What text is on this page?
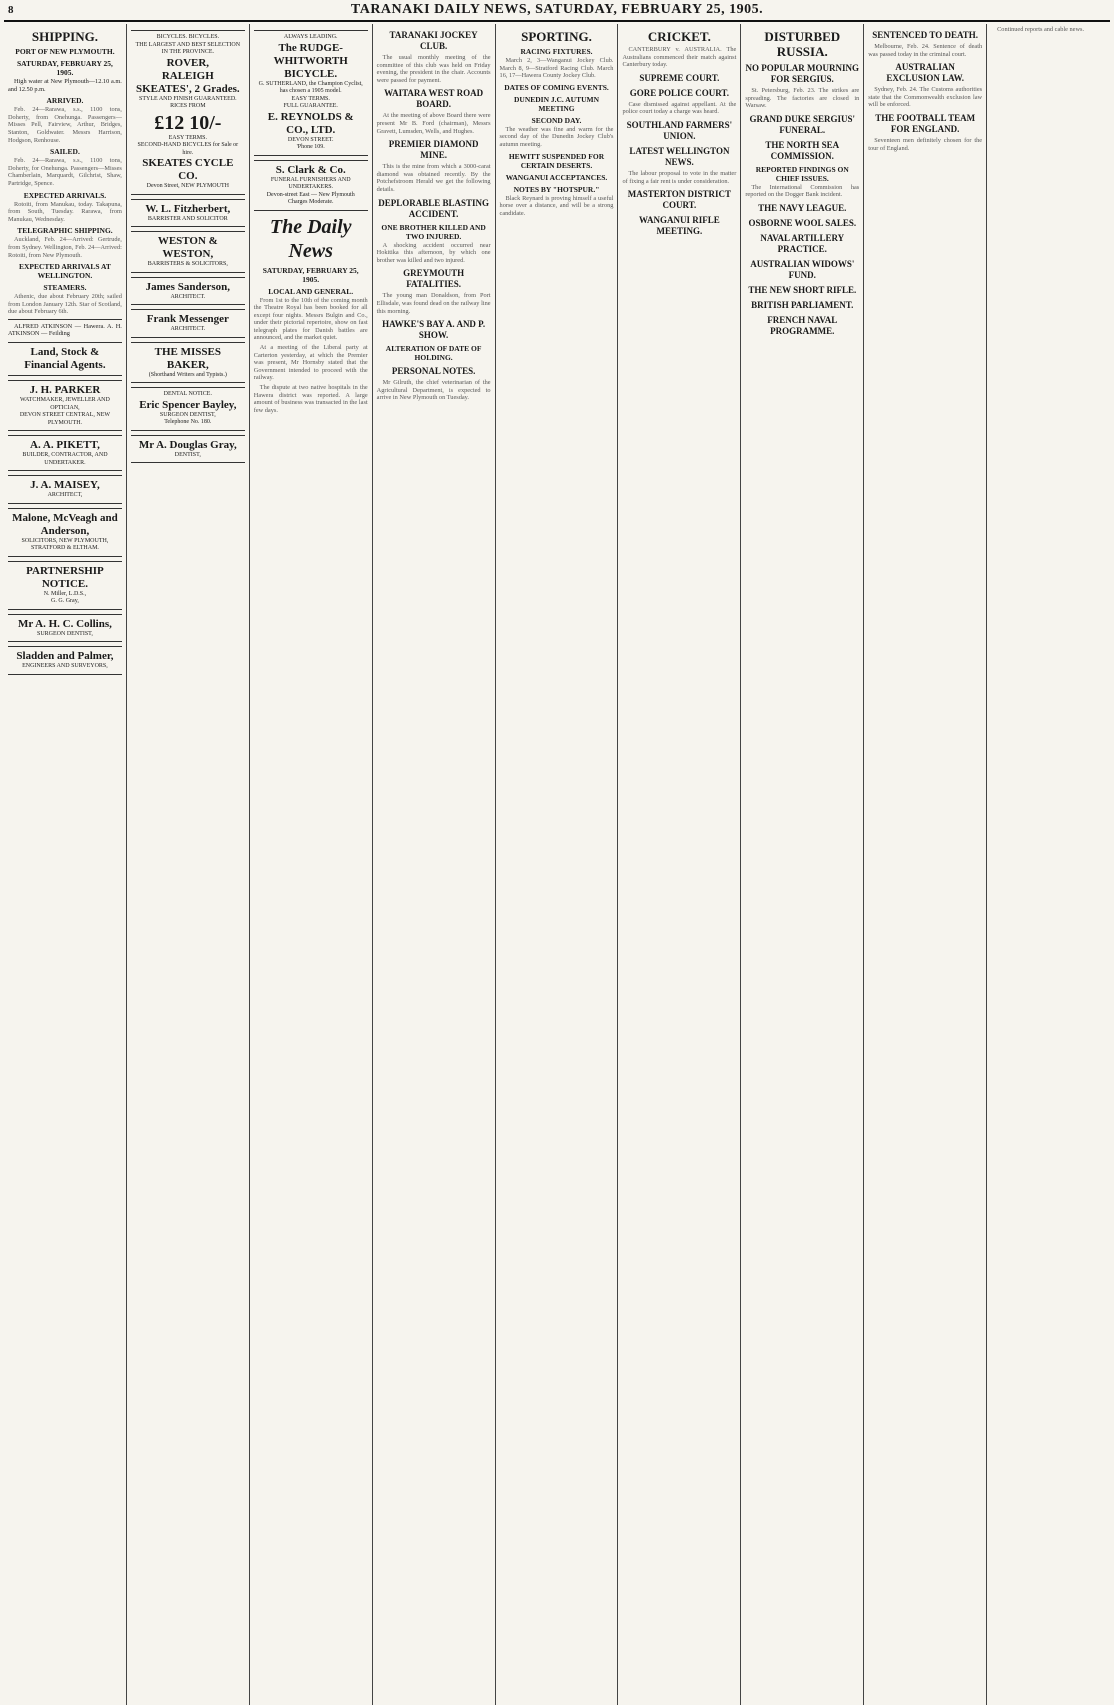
8	TARANAKI DAILY NEWS, SATURDAY, FEBRUARY 25, 1905.
SHIPPING.
PORT OF NEW PLYMOUTH.
SATURDAY, FEBRUARY 25, 1905.

High water at New Plymouth—12.10 a.m. and 12.50 p.m.

ARRIVED.

Feb. 24—Rarawa, s.s., 1100 tons, Doherty, from Onehunga. Passengers—Misses Pell, Fairview, Arthur, Bridges, Stanton, Goldwater. Messrs Harrison, Hodgson, Renhouse.

SAILED.

Feb. 24—Rarawa, s.s., 1100 tons, Doherty, for Onehunga. Passengers—Misses Chamberlain, Marquardt, Gilchrist, Shaw, Partridge, Spence.

EXPECTED ARRIVALS.

Rotoiti, from Manukau, today. Takapuna, from South, Tuesday. Rarawa, from Manukau, Wednesday.

TELEGRAPHIC SHIPPING.

Auckland, Feb. 24—Arrived: Gertrude, from Sydney. Wellington, Feb. 24—Arrived: Rotoiti, from New Plymouth.

EXPECTED ARRIVALS AT WELLINGTON.
STEAMERS.

Athenic, due about February 20th; sailed from London January 12th. Star of Scotland, due about February 6th.

ALFRED ATKINSON — Hawera. A. H. ATKINSON — Feilding

Land, Stock & Financial Agents.
J. H. PARKER
WATCHMAKER, JEWELLER AND OPTICIAN,
DEVON STREET CENTRAL, NEW PLYMOUTH.
A. A. PIKETT,
BUILDER, CONTRACTOR, AND UNDERTAKER.
J. A. MAISEY,
ARCHITECT,
Malone, McVeagh and Anderson,
SOLICITORS, NEW PLYMOUTH, STRATFORD & ELTHAM.
PARTNERSHIP NOTICE.
N. Miller, L.D.S.,
G. G. Gray,
Mr A. H. C. Collins,
SURGEON DENTIST,
Sladden and Palmer,
ENGINEERS AND SURVEYORS,
BICYCLES. BICYCLES.
THE LARGEST AND BEST SELECTION IN THE PROVINCE.
ROVER,
RALEIGH
SKEATES', 2 Grades.
STYLE AND FINISH GUARANTEED.
RICES FROM
£12 10/-
EASY TERMS.
SECOND-HAND BICYCLES for Sale or hire.
SKEATES CYCLE CO.
Devon Street, NEW PLYMOUTH
W. L. Fitzherbert,
BARRISTER AND SOLICITOR
WESTON & WESTON,
BARRISTERS & SOLICITORS,
James Sanderson,
ARCHITECT.
Frank Messenger
ARCHITECT.
THE MISSES BAKER,
(Shorthand Writers and Typists.)
DENTAL NOTICE.
Eric Spencer Bayley,
SURGEON DENTIST,
Telephone No. 180.
Mr A. Douglas Gray,
DENTIST,
ALWAYS LEADING.
The RUDGE-WHITWORTH BICYCLE.
G. SUTHERLAND, the Champion Cyclist, has chosen a 1905 model.
EASY TERMS.
FULL GUARANTEE.
E. REYNOLDS & CO., LTD.
DEVON STREET.
'Phone 109.
S. Clark & Co.
FUNERAL FURNISHERS AND UNDERTAKERS.
Devon-street East — New Plymouth
Charges Moderate.
The Daily News
SATURDAY, FEBRUARY 25, 1905.
LOCAL AND GENERAL.

From 1st to the 10th of the coming month the Theatre Royal has been booked for all except four nights. Messrs Bulgin and Co., under their pictorial repertoire, show on fast telegraph plates for Danish battles are announced, and the market quiet.

At a meeting of the Liberal party at Carterton yesterday, at which the Premier was present, Mr Hornsby stated that the Government intended to proceed with the railway.

The dispute at two native hospitals in the Hawera district was reported. A large amount of business was transacted in the last few days.

TARANAKI JOCKEY CLUB.

The usual monthly meeting of the committee of this club was held on Friday evening, the president in the chair. Accounts were passed for payment.

WAITARA WEST ROAD BOARD.

At the meeting of above Board there were present Mr B. Ford (chairman), Messrs Gravett, Lumsden, Wells, and Hughes.

PREMIER DIAMOND MINE.

This is the mine from which a 3000-carat diamond was obtained recently. By the Potchefstroom Herald we get the following details.

DEPLORABLE BLASTING ACCIDENT.
ONE BROTHER KILLED AND TWO INJURED.

A shocking accident occurred near Hokitika this afternoon, by which one brother was killed and two injured.

GREYMOUTH FATALITIES.

The young man Donaldson, from Port Ellisdale, was found dead on the railway line this morning.

HAWKE'S BAY A. AND P. SHOW.
ALTERATION OF DATE OF HOLDING.
PERSONAL NOTES.

Mr Gilruth, the chief veterinarian of the Agricultural Department, is expected to arrive in New Plymouth on Tuesday.

SPORTING.
RACING FIXTURES.

March 2, 3—Wanganui Jockey Club. March 8, 9—Stratford Racing Club. March 16, 17—Hawera County Jockey Club.

DATES OF COMING EVENTS.
DUNEDIN J.C. AUTUMN MEETING
SECOND DAY.

The weather was fine and warm for the second day of the Dunedin Jockey Club's autumn meeting.

HEWITT SUSPENDED FOR CERTAIN DESERTS.
WANGANUI ACCEPTANCES.
NOTES BY "HOTSPUR."

Black Reynard is proving himself a useful horse over a distance, and will be a strong candidate.

CRICKET.

CANTERBURY v. AUSTRALIA. The Australians commenced their match against Canterbury today.

SUPREME COURT.
GORE POLICE COURT.

Case dismissed against appellant. At the police court today a charge was heard.

SOUTHLAND FARMERS' UNION.
LATEST WELLINGTON NEWS.

The labour proposal to vote in the matter of fixing a fair rent is under consideration.

MASTERTON DISTRICT COURT.
WANGANUI RIFLE MEETING.
DISTURBED RUSSIA.
NO POPULAR MOURNING FOR SERGIUS.

St. Petersburg, Feb. 23. The strikes are spreading. The factories are closed in Warsaw.

GRAND DUKE SERGIUS' FUNERAL.
THE NORTH SEA COMMISSION.
REPORTED FINDINGS ON CHIEF ISSUES.

The International Commission has reported on the Dogger Bank incident.

THE NAVY LEAGUE.
OSBORNE WOOL SALES.
NAVAL ARTILLERY PRACTICE.
AUSTRALIAN WIDOWS' FUND.
THE NEW SHORT RIFLE.
BRITISH PARLIAMENT.
FRENCH NAVAL PROGRAMME.
SENTENCED TO DEATH.

Melbourne, Feb. 24. Sentence of death was passed today in the criminal court.

AUSTRALIAN EXCLUSION LAW.

Sydney, Feb. 24. The Customs authorities state that the Commonwealth exclusion law will be enforced.

THE FOOTBALL TEAM FOR ENGLAND.

Seventeen men definitely chosen for the tour of England.

Continued reports and cable news.
